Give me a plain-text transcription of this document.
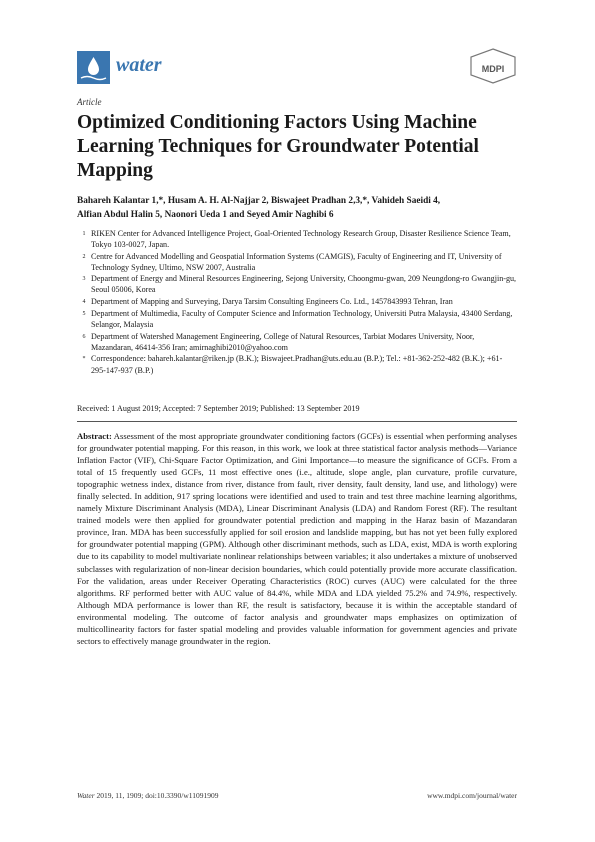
water	MDPI
Article
Optimized Conditioning Factors Using Machine Learning Techniques for Groundwater Potential Mapping
Bahareh Kalantar 1,*, Husam A. H. Al-Najjar 2, Biswajeet Pradhan 2,3,*, Vahideh Saeidi 4,
Alfian Abdul Halin 5, Naonori Ueda 1 and Seyed Amir Naghibi 6
1 RIKEN Center for Advanced Intelligence Project, Goal-Oriented Technology Research Group, Disaster Resilience Science Team, Tokyo 103-0027, Japan.
2 Centre for Advanced Modelling and Geospatial Information Systems (CAMGIS), Faculty of Engineering and IT, University of Technology Sydney, Ultimo, NSW 2007, Australia
3 Department of Energy and Mineral Resources Engineering, Sejong University, Choongmu-gwan, 209 Neungdong-ro Gwangjin-gu, Seoul 05006, Korea
4 Department of Mapping and Surveying, Darya Tarsim Consulting Engineers Co. Ltd., 1457843993 Tehran, Iran
5 Department of Multimedia, Faculty of Computer Science and Information Technology, Universiti Putra Malaysia, 43400 Serdang, Selangor, Malaysia
6 Department of Watershed Management Engineering, College of Natural Resources, Tarbiat Modares University, Noor, Mazandaran, 46414-356 Iran; amirnaghibi2010@yahoo.com
* Correspondence: bahareh.kalantar@riken.jp (B.K.); Biswajeet.Pradhan@uts.edu.au (B.P.); Tel.: +81-362-252-482 (B.K.); +61-295-147-937 (B.P.)
Received: 1 August 2019; Accepted: 7 September 2019; Published: 13 September 2019
Abstract: Assessment of the most appropriate groundwater conditioning factors (GCFs) is essential when performing analyses for groundwater potential mapping. For this reason, in this work, we look at three statistical factor analysis methods—Variance Inflation Factor (VIF), Chi-Square Factor Optimization, and Gini Importance—to measure the significance of GCFs. From a total of 15 frequently used GCFs, 11 most effective ones (i.e., altitude, slope angle, plan curvature, profile curvature, topographic wetness index, distance from river, distance from fault, river density, fault density, land use, and lithology) were finally selected. In addition, 917 spring locations were identified and used to train and test three machine learning algorithms, namely Mixture Discriminant Analysis (MDA), Linear Discriminant Analysis (LDA) and Random Forest (RF). The resultant trained models were then applied for groundwater potential prediction and mapping in the Haraz basin of Mazandaran province, Iran. MDA has been successfully applied for soil erosion and landslide mapping, but has not yet been fully explored for groundwater potential mapping (GPM). Although other discriminant methods, such as LDA, exist, MDA is worth exploring due to its capability to model multivariate nonlinear relationships between variables; it also undertakes a mixture of unobserved subclasses with regularization of non-linear decision boundaries, which could potentially provide more accurate classification. For the validation, areas under Receiver Operating Characteristics (ROC) curves (AUC) were calculated for the three algorithms. RF performed better with AUC value of 84.4%, while MDA and LDA yielded 75.2% and 74.9%, respectively. Although MDA performance is lower than RF, the result is satisfactory, because it is within the acceptable standard of environmental modeling. The outcome of factor analysis and groundwater maps emphasizes on optimization of multicollinearity factors for faster spatial modeling and provides valuable information for government agencies and private sectors to effectively manage groundwater in the region.
Water 2019, 11, 1909; doi:10.3390/w11091909	www.mdpi.com/journal/water
